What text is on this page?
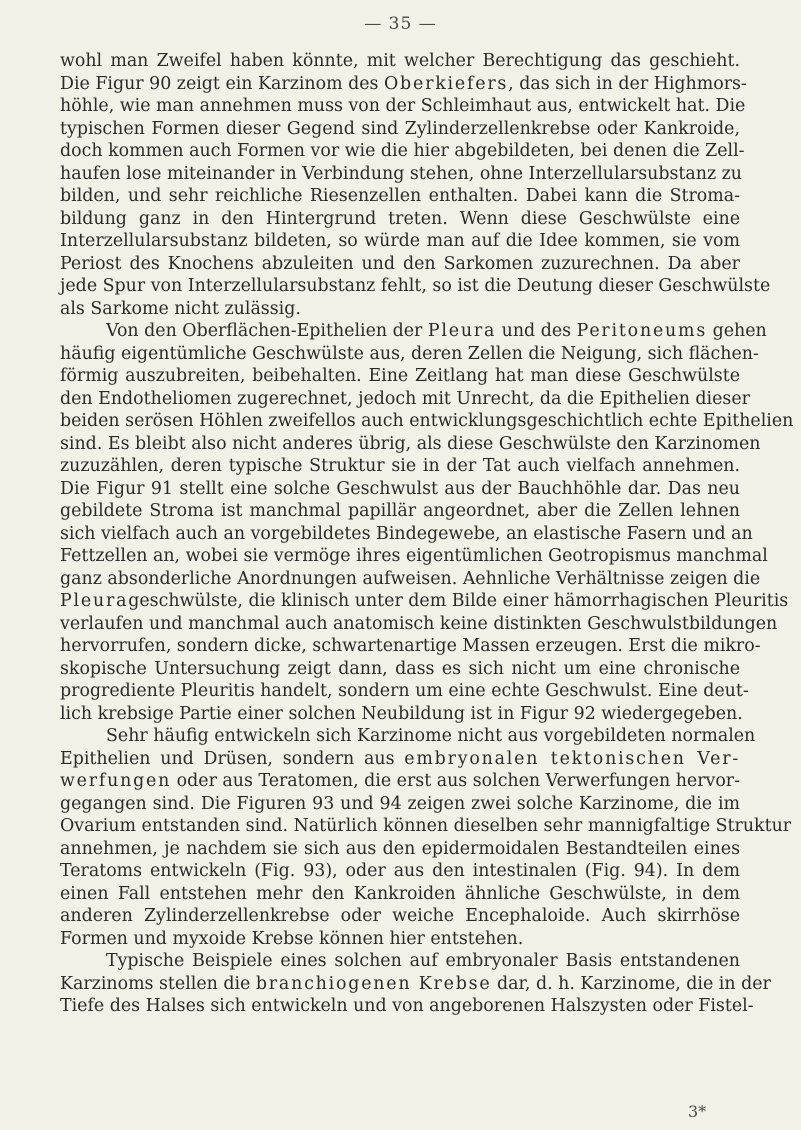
— 35 —
wohl man Zweifel haben könnte, mit welcher Berechtigung das geschieht.
Die Figur 90 zeigt ein Karzinom des Oberkiefers, das sich in der Highmors-
höhle, wie man annehmen muss von der Schleimhaut aus, entwickelt hat. Die
typischen Formen dieser Gegend sind Zylinderzellenkrebse oder Kankroide,
doch kommen auch Formen vor wie die hier abgebildeten, bei denen die Zell-
haufen lose miteinander in Verbindung stehen, ohne Interzellularsubstanz zu
bilden, und sehr reichliche Riesenzellen enthalten. Dabei kann die Stroma-
bildung ganz in den Hintergrund treten. Wenn diese Geschwülste eine
Interzellularsubstanz bildeten, so würde man auf die Idee kommen, sie vom
Periost des Knochens abzuleiten und den Sarkomen zuzurechnen. Da aber
jede Spur von Interzellularsubstanz fehlt, so ist die Deutung dieser Geschwülste
als Sarkome nicht zulässig.
Von den Oberflächen-Epithelien der Pleura und des Peritoneums gehen
häufig eigentümliche Geschwülste aus, deren Zellen die Neigung, sich flächen-
förmig auszubreiten, beibehalten. Eine Zeitlang hat man diese Geschwülste
den Endotheliomen zugerechnet, jedoch mit Unrecht, da die Epithelien dieser
beiden serösen Höhlen zweifellos auch entwicklungsgeschichtlich echte Epithelien
sind. Es bleibt also nicht anderes übrig, als diese Geschwülste den Karzinomen
zuzuzählen, deren typische Struktur sie in der Tat auch vielfach annehmen.
Die Figur 91 stellt eine solche Geschwulst aus der Bauchhöhle dar. Das neu
gebildete Stroma ist manchmal papillär angeordnet, aber die Zellen lehnen
sich vielfach auch an vorgebildetes Bindegewebe, an elastische Fasern und an
Fettzellen an, wobei sie vermöge ihres eigentümlichen Geotropismus manchmal
ganz absonderliche Anordnungen aufweisen. Aehnliche Verhältnisse zeigen die
Pleurageschwülste, die klinisch unter dem Bilde einer hämorrhagischen Pleuritis
verlaufen und manchmal auch anatomisch keine distinkten Geschwulstbildungen
hervorrufen, sondern dicke, schwartenartige Massen erzeugen. Erst die mikro-
skopische Untersuchung zeigt dann, dass es sich nicht um eine chronische
progrediente Pleuritis handelt, sondern um eine echte Geschwulst. Eine deut-
lich krebsige Partie einer solchen Neubildung ist in Figur 92 wiedergegeben.
Sehr häufig entwickeln sich Karzinome nicht aus vorgebildeten normalen
Epithelien und Drüsen, sondern aus embryonalen tektonischen Ver-
werfungen oder aus Teratomen, die erst aus solchen Verwerfungen hervor-
gegangen sind. Die Figuren 93 und 94 zeigen zwei solche Karzinome, die im
Ovarium entstanden sind. Natürlich können dieselben sehr mannigfaltige Struktur
annehmen, je nachdem sie sich aus den epidermoidalen Bestandteilen eines
Teratoms entwickeln (Fig. 93), oder aus den intestinalen (Fig. 94). In dem
einen Fall entstehen mehr den Kankroiden ähnliche Geschwülste, in dem
anderen Zylinderzellenkrebse oder weiche Encephaloide. Auch skirrhöse
Formen und myxoide Krebse können hier entstehen.
Typische Beispiele eines solchen auf embryonaler Basis entstandenen
Karzinoms stellen die branchiogenen Krebse dar, d. h. Karzinome, die in der
Tiefe des Halses sich entwickeln und von angeborenen Halszysten oder Fistel-
3*
